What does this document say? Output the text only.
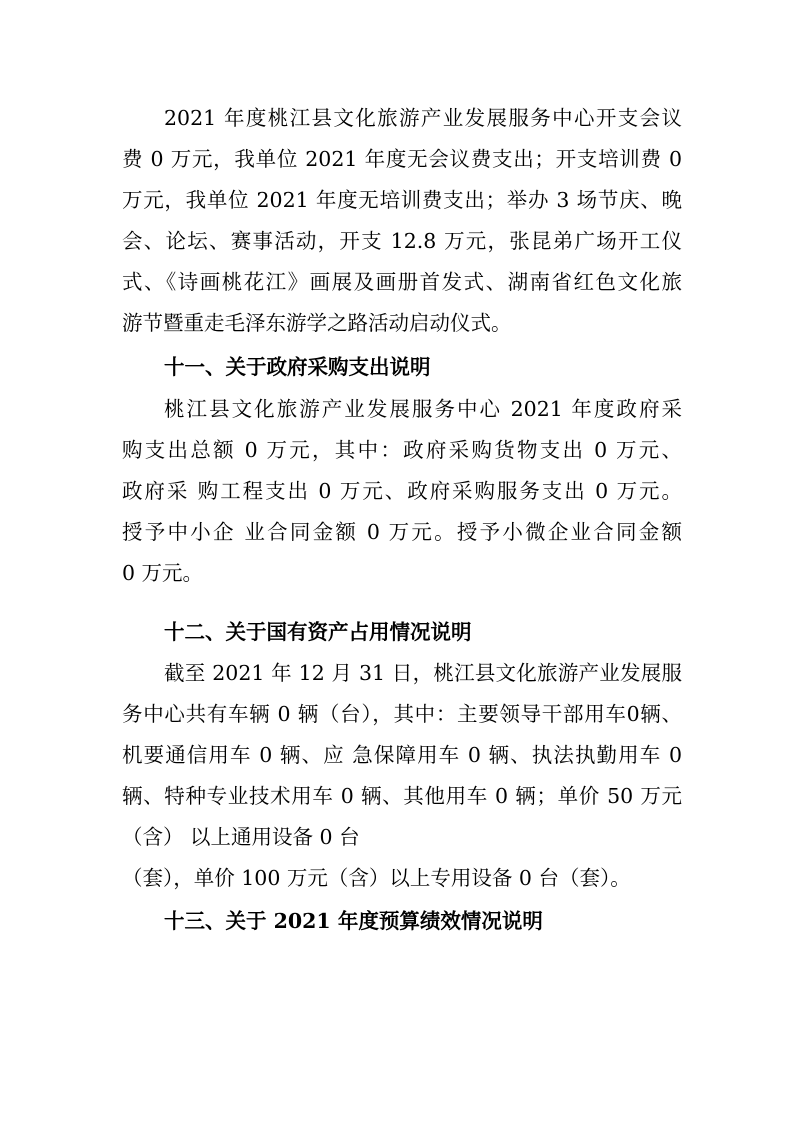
2021 年度桃江县文化旅游产业发展服务中心开支会议
费 0 万元，我单位 2021 年度无会议费支出；开支培训费 0
万元，我单位 2021 年度无培训费支出；举办 3 场节庆、晚
会、论坛、赛事活动，开支 12.8 万元，张昆弟广场开工仪
式、《诗画桃花江》画展及画册首发式、湖南省红色文化旅
游节暨重走毛泽东游学之路活动启动仪式。
十一、关于政府采购支出说明
桃江县文化旅游产业发展服务中心 2021 年度政府采
购支出总额 0 万元，其中：政府采购货物支出 0 万元、
政府采 购工程支出 0 万元、政府采购服务支出 0 万元。
授予中小企 业合同金额 0 万元。授予小微企业合同金额
0 万元。
十二、关于国有资产占用情况说明
截至 2021 年 12 月 31 日，桃江县文化旅游产业发展服
务中心共有车辆 0 辆（台），其中：主要领导干部用车0辆、
机要通信用车 0 辆、应 急保障用车 0 辆、执法执勤用车 0
辆、特种专业技术用车 0 辆、其他用车 0 辆；单价 50 万元
（含） 以上通用设备 0 台
（套），单价 100 万元（含）以上专用设备 0 台（套）。
十三、关于 2021 年度预算绩效情况说明
